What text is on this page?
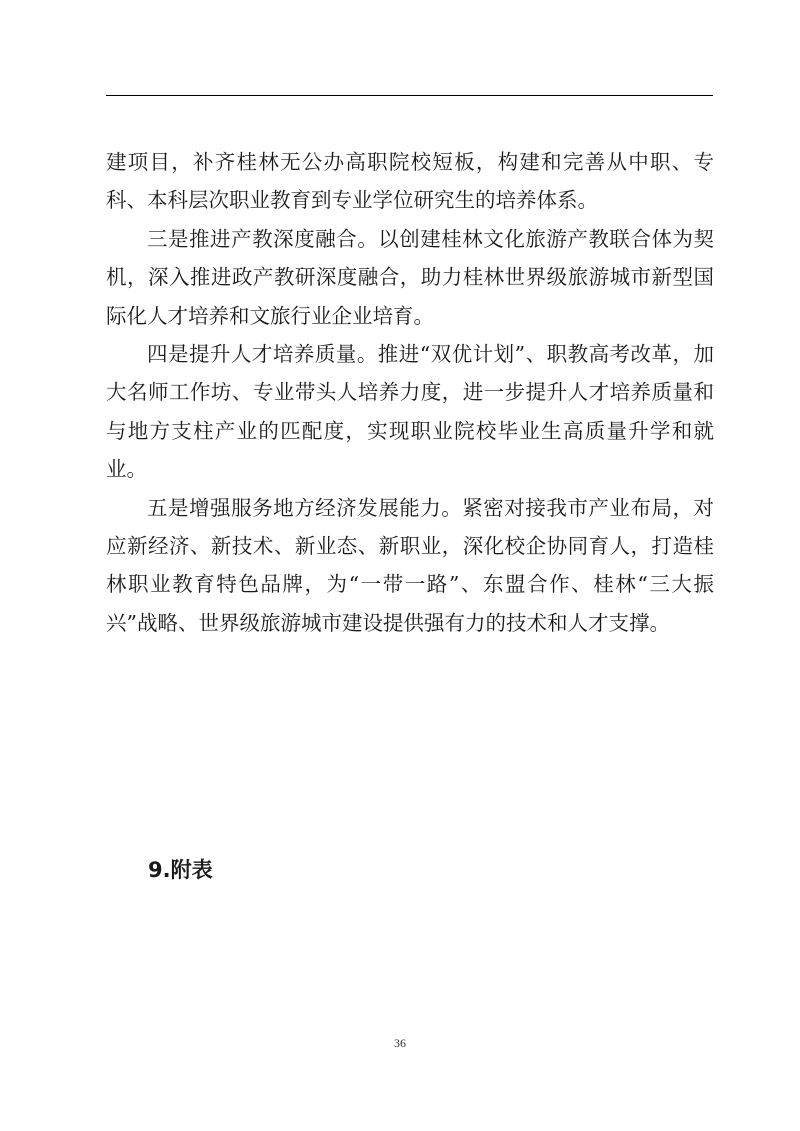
建项目，补齐桂林无公办高职院校短板，构建和完善从中职、专科、本科层次职业教育到专业学位研究生的培养体系。

三是推进产教深度融合。以创建桂林文化旅游产教联合体为契机，深入推进政产教研深度融合，助力桂林世界级旅游城市新型国际化人才培养和文旅行业企业培育。

四是提升人才培养质量。推进“双优计划”、职教高考改革，加大名师工作坊、专业带头人培养力度，进一步提升人才培养质量和与地方支柱产业的匹配度，实现职业院校毕业生高质量升学和就业。

五是增强服务地方经济发展能力。紧密对接我市产业布局，对应新经济、新技术、新业态、新职业，深化校企协同育人，打造桂林职业教育特色品牌，为“一带一路”、东盟合作、桂林“三大振兴”战略、世界级旅游城市建设提供强有力的技术和人才支撑。

9.附表
36
